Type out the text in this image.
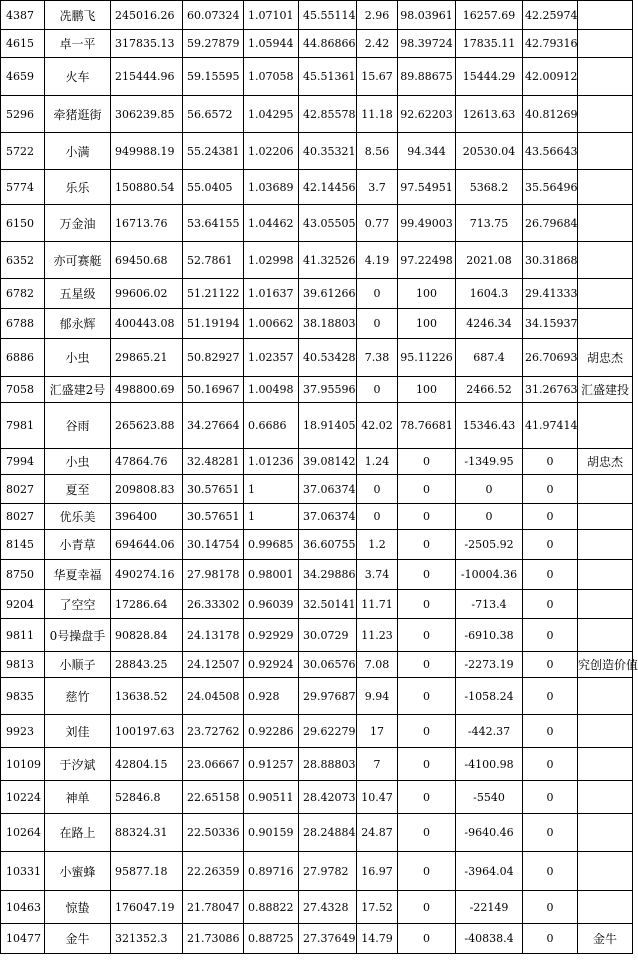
4387	冼鹏飞	245016.26	60.07324	1.07101	45.55114	2.96	98.03961	16257.69	42.25974	
4615	卓一平	317835.13	59.27879	1.05944	44.86866	2.42	98.39724	17835.11	42.79316	
4659	火车	215444.96	59.15595	1.07058	45.51361	15.67	89.88675	15444.29	42.00912	
5296	牵猪逛街	306239.85	56.6572	1.04295	42.85578	11.18	92.62203	12613.63	40.81269	
5722	小满	949988.19	55.24381	1.02206	40.35321	8.56	94.344	20530.04	43.56643	
5774	乐乐	150880.54	55.0405	1.03689	42.14456	3.7	97.54951	5368.2	35.56496	
6150	万金油	16713.76	53.64155	1.04462	43.05505	0.77	99.49003	713.75	26.79684	
6352	亦可赛艇	69450.68	52.7861	1.02998	41.32526	4.19	97.22498	2021.08	30.31868	
6782	五星级	99606.02	51.21122	1.01637	39.61266	0	100	1604.3	29.41333	
6788	郁永辉	400443.08	51.19194	1.00662	38.18803	0	100	4246.34	34.15937	
6886	小虫	29865.21	50.82927	1.02357	40.53428	7.38	95.11226	687.4	26.70693	胡忠杰
7058	汇盛建2号	498800.69	50.16967	1.00498	37.95596	0	100	2466.52	31.26763	汇盛建投
7981	谷雨	265623.88	34.27664	0.6686	18.91405	42.02	78.76681	15346.43	41.97414	
7994	小虫	47864.76	32.48281	1.01236	39.08142	1.24	0	-1349.95	0	胡忠杰
8027	夏至	209808.83	30.57651	1	37.06374	0	0	0	0	
8027	优乐美	396400	30.57651	1	37.06374	0	0	0	0	
8145	小青草	694644.06	30.14754	0.99685	36.60755	1.2	0	-2505.92	0	
8750	华夏幸福	490274.16	27.98178	0.98001	34.29886	3.74	0	-10004.36	0	
9204	了空空	17286.64	26.33302	0.96039	32.50141	11.71	0	-713.4	0	
9811	0号操盘手	90828.84	24.13178	0.92929	30.0729	11.23	0	-6910.38	0	
9813	小顺子	28843.25	24.12507	0.92924	30.06576	7.08	0	-2273.19	0	究创造价值
9835	慈竹	13638.52	24.04508	0.928	29.97687	9.94	0	-1058.24	0	
9923	刘佳	100197.63	23.72762	0.92286	29.62279	17	0	-442.37	0	
10109	于汐斌	42804.15	23.06667	0.91257	28.88803	7	0	-4100.98	0	
10224	神单	52846.8	22.65158	0.90511	28.42073	10.47	0	-5540	0	
10264	在路上	88324.31	22.50336	0.90159	28.24884	24.87	0	-9640.46	0	
10331	小蜜蜂	95877.18	22.26359	0.89716	27.9782	16.97	0	-3964.04	0	
10463	惊蛰	176047.19	21.78047	0.88822	27.4328	17.52	0	-22149	0	
10477	金牛	321352.3	21.73086	0.88725	27.37649	14.79	0	-40838.4	0	金牛
